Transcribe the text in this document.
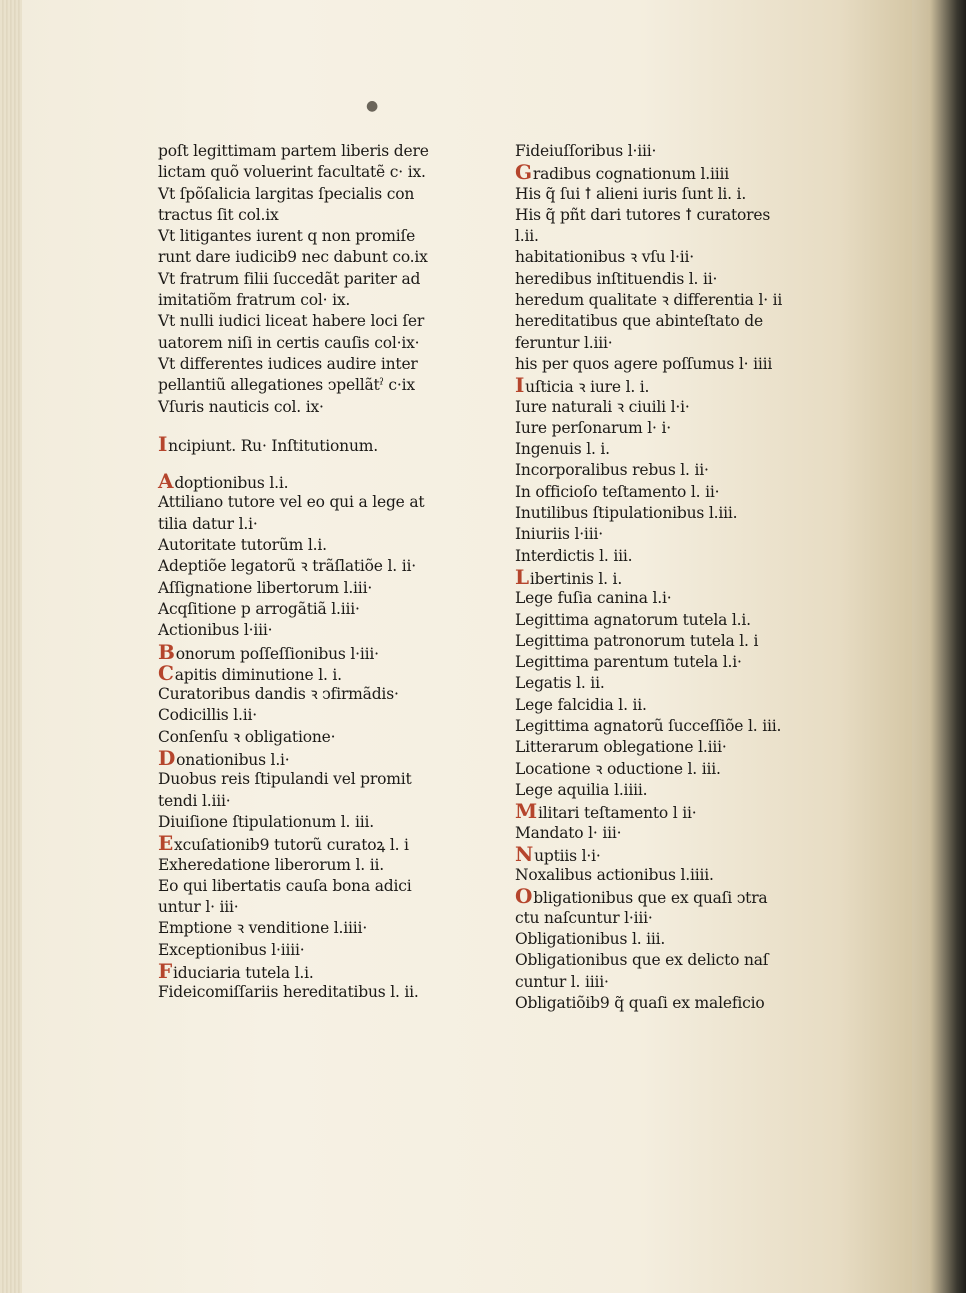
●
poſt legittimam partem liberis dere
lictam quõ voluerint facultatẽ c· ix.
Vt ſpõſalicia largitas ſpecialis con
tractus ſit col.ix
Vt litigantes iurent q non promiſe
runt dare iudicib9 nec dabunt co.ix
Vt fratrum filii ſuccedãt pariter ad
imitatiõm fratrum col· ix.
Vt nulli iudici liceat habere loci ſer
uatorem niſi in certis cauſis col·ix·
Vt differentes iudices audire inter
pellantiũ allegationes ↄpellãtˀ c·ix
Vſuris nauticis col. ix·
Incipiunt. Ru· Inſtitutionum.
Adoptionibus l.i.
Attiliano tutore vel eo qui a lege at
tilia datur l.i·
Autoritate tutorũm l.i.
Adeptiõe legatorũ ꝛ trãſlatiõe l. ii·
Aſſignatione libertorum l.iii·
Acqſitione p arrogãtiã l.iii·
Actionibus l·iii·
Bonorum poſſeſſionibus l·iii·
Capitis diminutione l. i.
Curatoribus dandis ꝛ ↄfirmãdis·
Codicillis l.ii·
Conſenſu ꝛ obligatione·
Donationibus l.i·
Duobus reis ſtipulandi vel promit
tendi l.iii·
Diuiſione ſtipulationum l. iii.
Excuſationib9 tutorũ curatoꝝ l. i
Exheredatione liberorum l. ii.
Eo qui libertatis cauſa bona adici
untur l· iii·
Emptione ꝛ venditione l.iiii·
Exceptionibus l·iiii·
Fiduciaria tutela l.i.
Fideicomiſſariis hereditatibus l. ii.
Fideiuſſoribus l·iii·
Gradibus cognationum l.iiii
His q̃ ſui ꝉ alieni iuris ſunt li. i.
His q̃ pñt dari tutores ꝉ curatores
l.ii.
habitationibus ꝛ vſu l·ii·
heredibus inſtituendis l. ii·
heredum qualitate ꝛ differentia l· ii
hereditatibus que abinteſtato de
feruntur l.iii·
his per quos agere poſſumus l· iiii
Iuſticia ꝛ iure l. i.
Iure naturali ꝛ ciuili l·i·
Iure perſonarum l· i·
Ingenuis l. i.
Incorporalibus rebus l. ii·
In officioſo teſtamento l. ii·
Inutilibus ſtipulationibus l.iii.
Iniuriis l·iii·
Interdictis l. iii.
Libertinis l. i.
Lege fuſia canina l.i·
Legittima agnatorum tutela l.i.
Legittima patronorum tutela l. i
Legittima parentum tutela l.i·
Legatis l. ii.
Lege falcidia l. ii.
Legittima agnatorũ ſucceſſiõe l. iii.
Litterarum oblegatione l.iii·
Locatione ꝛ oductione l. iii.
Lege aquilia l.iiii.
Militari teſtamento l ii·
Mandato l· iii·
Nuptiis l·i·
Noxalibus actionibus l.iiii.
Obligationibus que ex quaſi ↄtra
ctu naſcuntur l·iii·
Obligationibus l. iii.
Obligationibus que ex delicto naſ
cuntur l. iiii·
Obligatiõib9 q̃ quaſi ex maleficio
